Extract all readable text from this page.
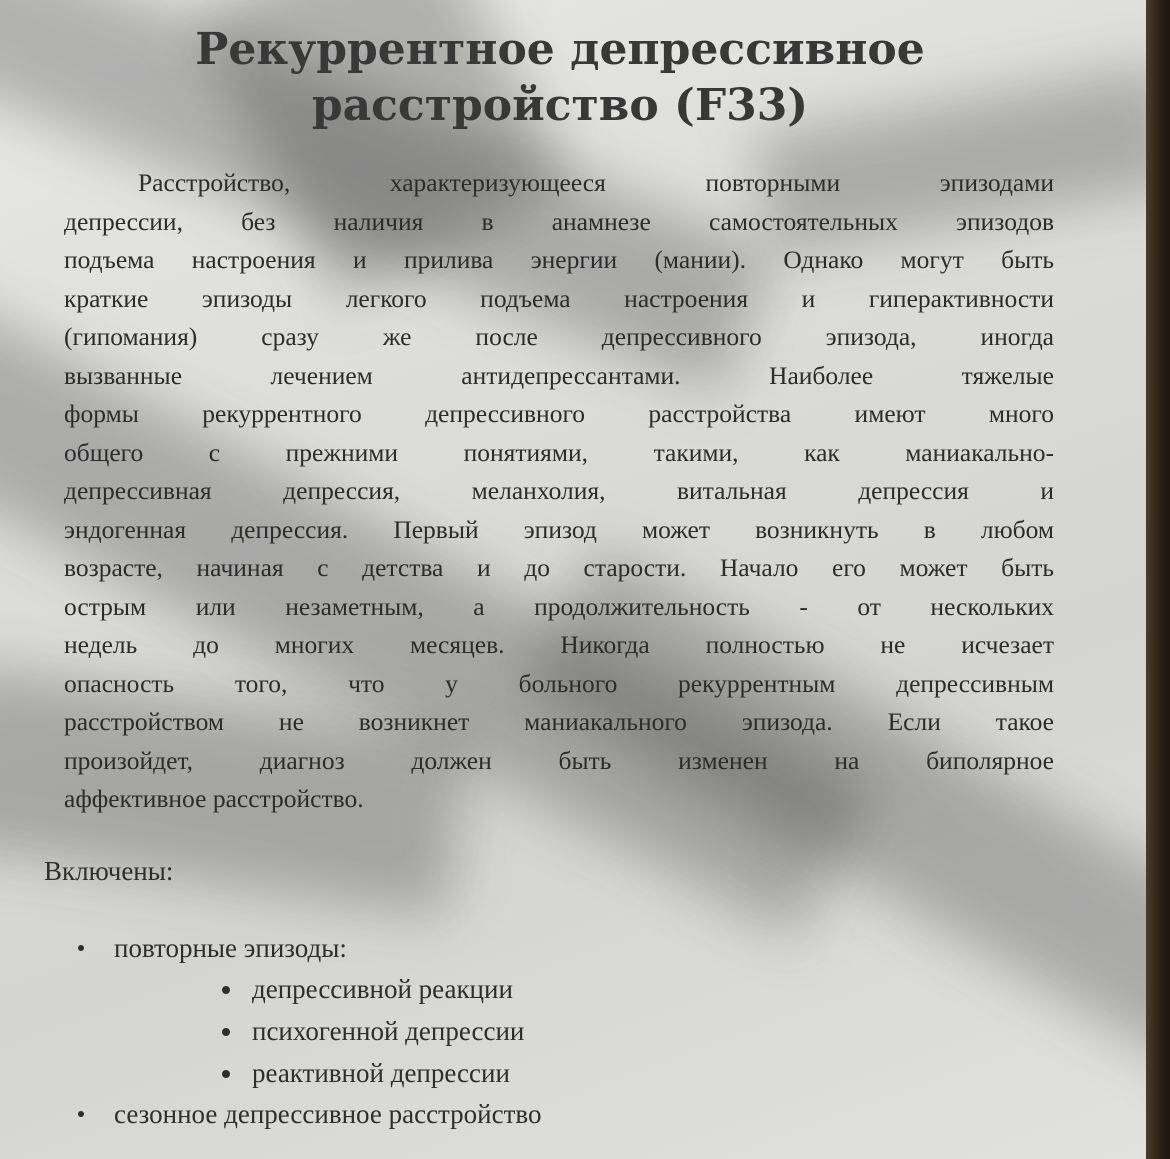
Рекуррентное депрессивное
расстройство (F33)

Расстройство, характеризующееся повторными эпизодами
депрессии, без наличия в анамнезе самостоятельных эпизодов
подъема настроения и прилива энергии (мании). Однако могут быть
краткие эпизоды легкого подъема настроения и гиперактивности
(гипомания) сразу же после депрессивного эпизода, иногда
вызванные лечением антидепрессантами. Наиболее тяжелые
формы рекуррентного депрессивного расстройства имеют много
общего с прежними понятиями, такими, как маниакально-
депрессивная депрессия, меланхолия, витальная депрессия и
эндогенная депрессия. Первый эпизод может возникнуть в любом
возрасте, начиная с детства и до старости. Начало его может быть
острым или незаметным, а продолжительность - от нескольких
недель до многих месяцев. Никогда полностью не исчезает
опасность того, что у больного рекуррентным депрессивным
расстройством не возникнет маниакального эпизода. Если такое
произойдет, диагноз должен быть изменен на биполярное
аффективное расстройство.

Включены:

повторные эпизоды:
депрессивной реакции
психогенной депрессии
реактивной депрессии
сезонное депрессивное расстройство
